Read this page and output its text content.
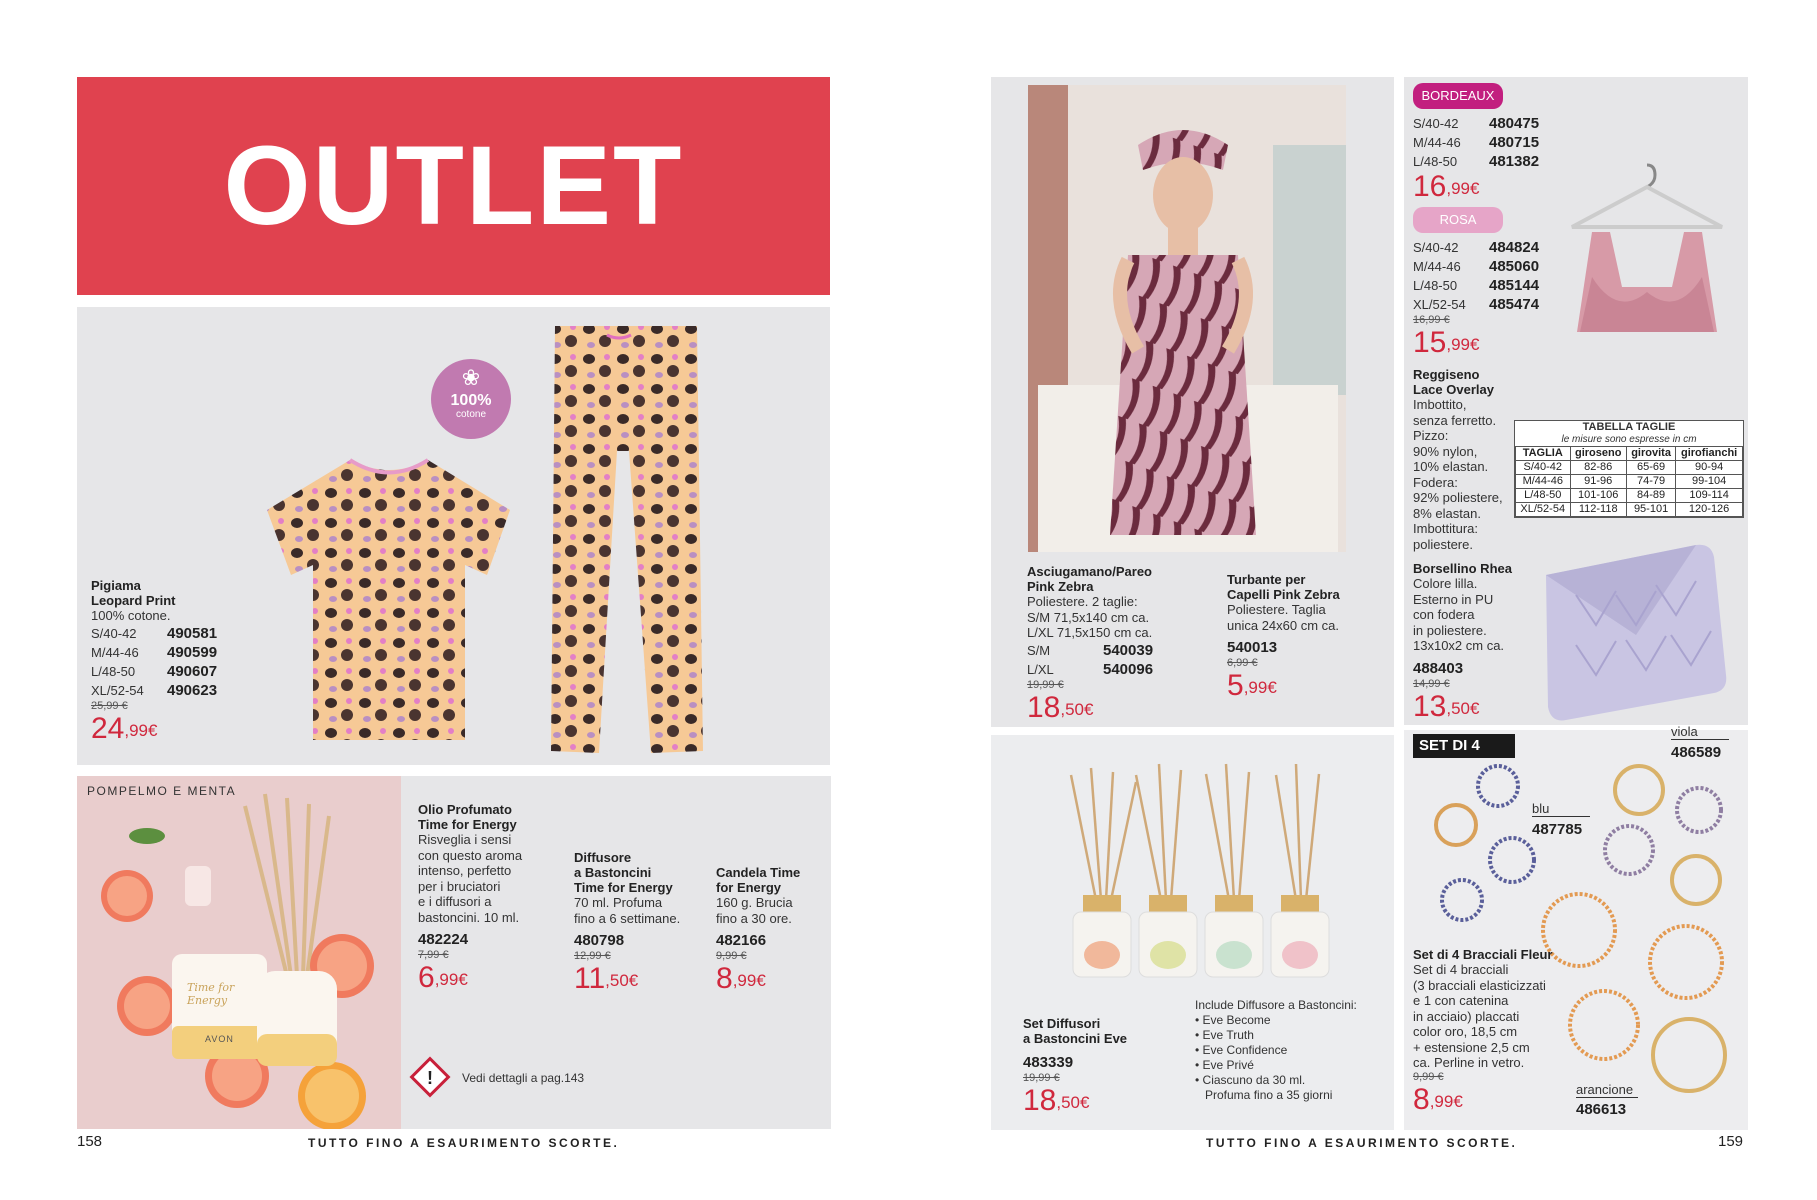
OUTLET
❀
100%
cotone
Pigiama
Leopard Print
100% cotone.
S/40-42	490581
M/44-46	490599
L/48-50	490607
XL/52-54	490623
25,99 €
$24^{,99€}$
POMPELMO E MENTA
Time for
Energy
AVON
Olio Profumato
Time for Energy
Risveglia i sensi
con questo aroma
intenso, perfetto
per i bruciatori
e i diffusori a
bastoncini. 10 ml.
482224
7,99 €
$6^{,99€}$
Diffusore
a Bastoncini
Time for Energy
70 ml. Profuma
fino a 6 settimane.
480798
12,99 €
$11^{,50€}$
Candela Time
for Energy
160 g. Brucia
fino a 30 ore.
482166
9,99 €
$8^{,99€}$
! Vedi dettagli a pag.143
158	TUTTO FINO A ESAURIMENTO SCORTE.
Asciugamano/Pareo
Pink Zebra
Poliestere. 2 taglie:
S/M 71,5x140 cm ca.
L/XL 71,5x150 cm ca.
S/M	540039
L/XL	540096
19,99 €
$18^{,50€}$
Turbante per
Capelli Pink Zebra
Poliestere. Taglia
unica 24x60 cm ca.
540013
6,99 €
$5^{,99€}$
Set Diffusori
a Bastoncini Eve
483339
19,99 €
$18^{,50€}$
Include Diffusore a Bastoncini:
• Eve Become
• Eve Truth
• Eve Confidence
• Eve Privé
• Ciascuno da 30 ml.
Profuma fino a 35 giorni
BORDEAUX
S/40-42	480475
M/44-46	480715
L/48-50	481382
$16^{,99€}$
ROSA
S/40-42	484824
M/44-46	485060
L/48-50	485144
XL/52-54	485474
16,99 €
$15^{,99€}$
Reggiseno
Lace Overlay
Imbottito,
senza ferretto.
Pizzo:
90% nylon,
10% elastan.
Fodera:
92% poliestere,
8% elastan.
Imbottitura:
poliestere.
TABELLA TAGLIE
le misure sono espresse in cm
TAGLIA	giroseno	girovita	girofianchi
S/40-42	82-86	65-69	90-94
M/44-46	91-96	74-79	99-104
L/48-50	101-106	84-89	109-114
XL/52-54	112-118	95-101	120-126
Borsellino Rhea
Colore lilla.
Esterno in PU
con fodera
in poliestere.
13x10x2 cm ca.
488403
14,99 €
$13^{,50€}$
SET DI 4
viola
486589
blu
487785
Set di 4 Bracciali Fleur
Set di 4 bracciali
(3 bracciali elasticizzati
e 1 con catenina
in acciaio) placcati
color oro, 18,5 cm
+ estensione 2,5 cm
ca. Perline in vetro.
9,99 €
$8^{,99€}$
arancione
486613
TUTTO FINO A ESAURIMENTO SCORTE.	159
